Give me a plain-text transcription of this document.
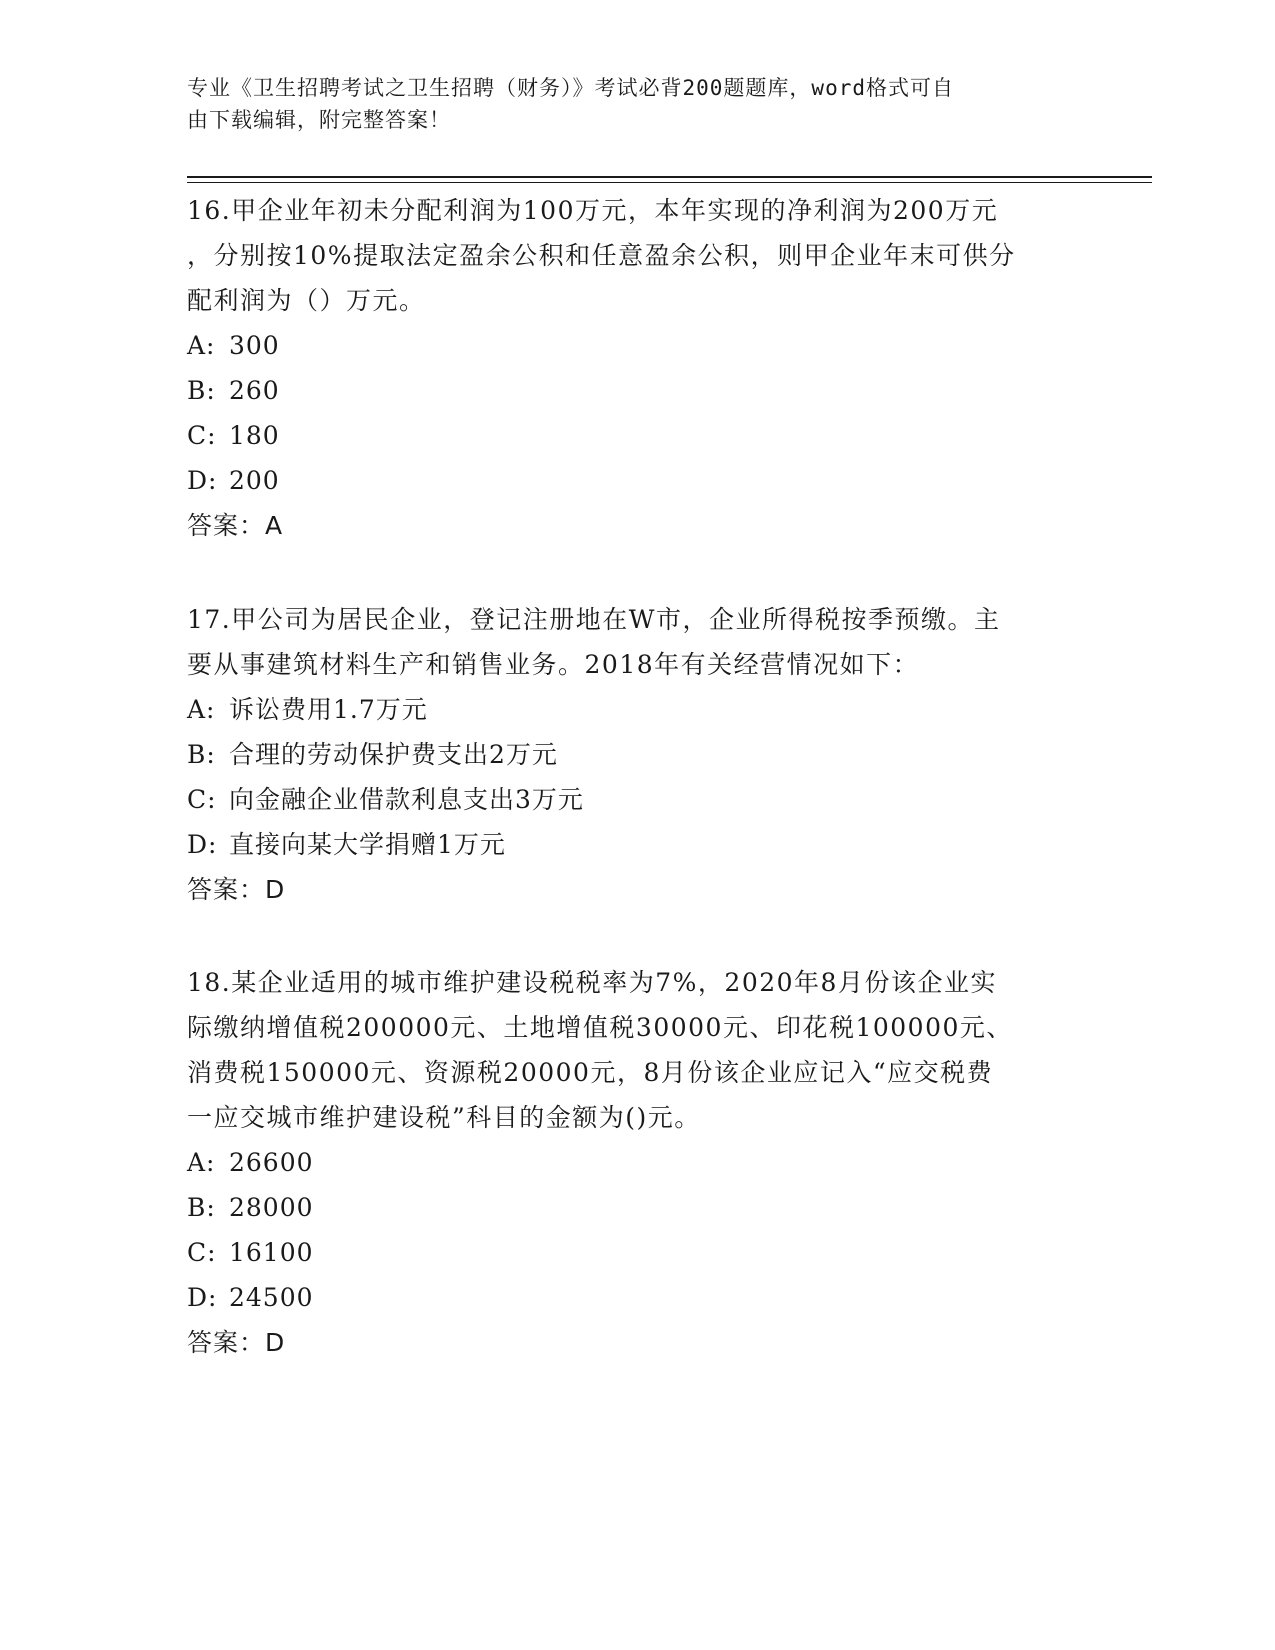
专业《卫生招聘考试之卫生招聘（财务）》考试必背200题题库，word格式可自
由下载编辑，附完整答案！

16.甲企业年初未分配利润为100万元，本年实现的净利润为200万元

，分别按10%提取法定盈余公积和任意盈余公积，则甲企业年末可供分

配利润为（）万元。

A: 300

B: 260

C: 180

D: 200

答案：A

17.甲公司为居民企业，登记注册地在W市，企业所得税按季预缴。主

要从事建筑材料生产和销售业务。2018年有关经营情况如下：

A: 诉讼费用1.7万元

B: 合理的劳动保护费支出2万元

C: 向金融企业借款利息支出3万元

D: 直接向某大学捐赠1万元

答案：D

18.某企业适用的城市维护建设税税率为7%，2020年8月份该企业实

际缴纳增值税200000元、土地增值税30000元、印花税100000元、

消费税150000元、资源税20000元，8月份该企业应记入“应交税费

一应交城市维护建设税”科目的金额为()元。

A: 26600

B: 28000

C: 16100

D: 24500

答案：D
